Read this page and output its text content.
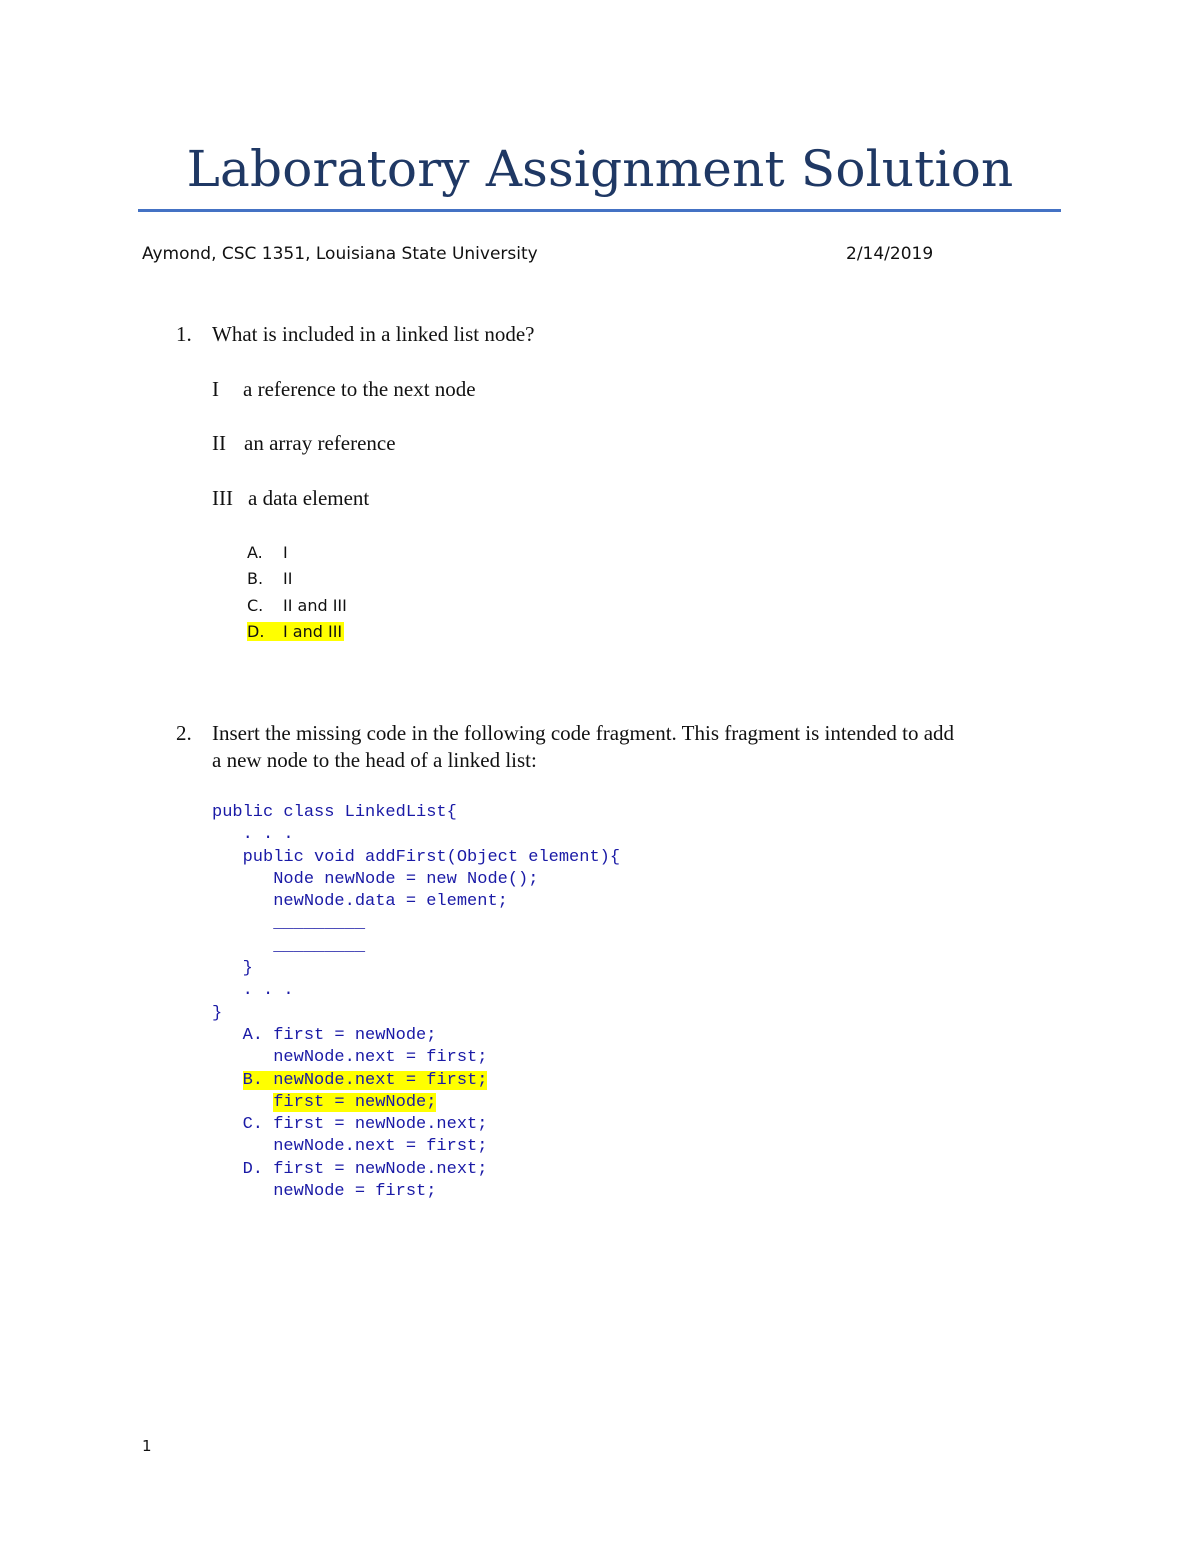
Laboratory Assignment Solution
Aymond, CSC 1351, Louisiana State University	2/14/2019
1. What is included in a linked list node?
I a reference to the next node
II an array reference
III a data element
A. I
B. II
C. II and III
D. I and III
2. Insert the missing code in the following code fragment. This fragment is intended to add
a new node to the head of a linked list:
public class LinkedList{
. . .
public void addFirst(Object element){
Node newNode = new Node();
newNode.data = element;
_________
_________
}
. . .
}
A. first = newNode;
newNode.next = first;
B. newNode.next = first;
first = newNode;
C. first = newNode.next;
newNode.next = first;
D. first = newNode.next;
newNode = first;
1
